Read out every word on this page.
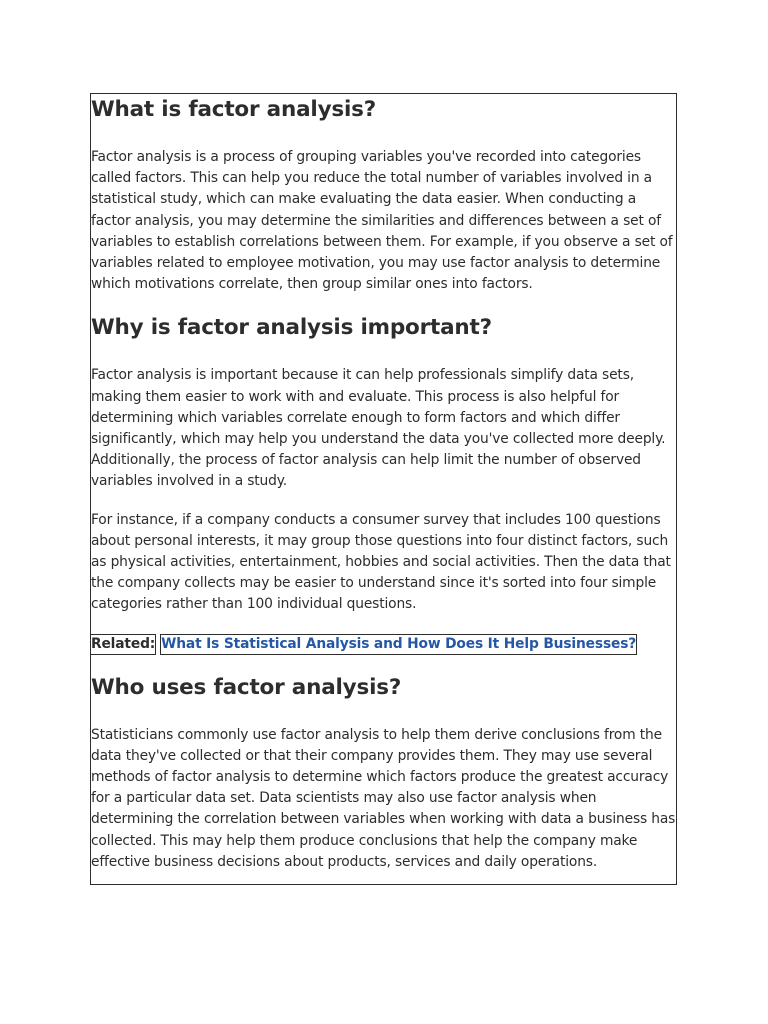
What is factor analysis?

Factor analysis is a process of grouping variables you've recorded into categories called factors. This can help you reduce the total number of variables involved in a statistical study, which can make evaluating the data easier. When conducting a factor analysis, you may determine the similarities and differences between a set of variables to establish correlations between them. For example, if you observe a set of variables related to employee motivation, you may use factor analysis to determine which motivations correlate, then group similar ones into factors.

Why is factor analysis important?

Factor analysis is important because it can help professionals simplify data sets, making them easier to work with and evaluate. This process is also helpful for determining which variables correlate enough to form factors and which differ significantly, which may help you understand the data you've collected more deeply. Additionally, the process of factor analysis can help limit the number of observed variables involved in a study.

For instance, if a company conducts a consumer survey that includes 100 questions about personal interests, it may group those questions into four distinct factors, such as physical activities, entertainment, hobbies and social activities. Then the data that the company collects may be easier to understand since it's sorted into four simple categories rather than 100 individual questions.

Related: What Is Statistical Analysis and How Does It Help Businesses?
Who uses factor analysis?

Statisticians commonly use factor analysis to help them derive conclusions from the data they've collected or that their company provides them. They may use several methods of factor analysis to determine which factors produce the greatest accuracy for a particular data set. Data scientists may also use factor analysis when determining the correlation between variables when working with data a business has collected. This may help them produce conclusions that help the company make effective business decisions about products, services and daily operations.
